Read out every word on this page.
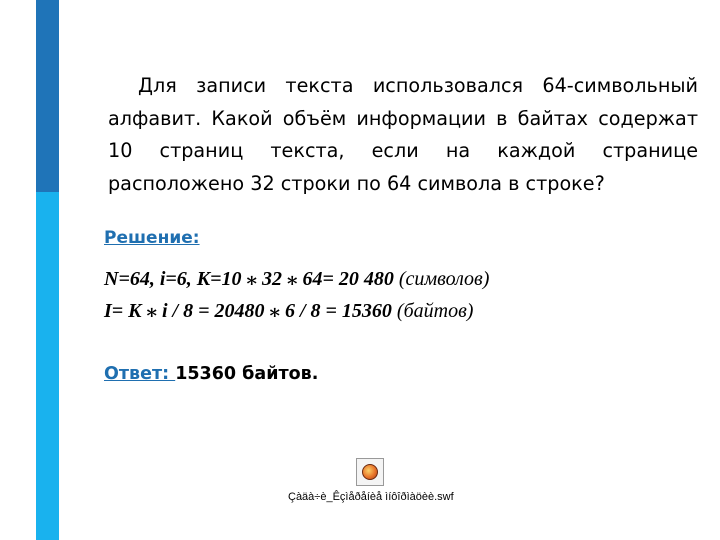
Для записи текста использовался 64-символьный алфавит. Какой объём информации в байтах содержат 10 страниц текста, если на каждой странице расположено 32 строки по 64 символа в строке?
Решение:
N=64, i=6, K=10 ⁎ 32 ⁎ 64= 20 480 (символов)
I= K ⁎ i / 8 = 20480 ⁎ 6 / 8 = 15360 (байтов)
Ответ: 15360 байтов.
Çàäà÷è_Êçìåðåíèå ìíôîðìàöèè.swf
